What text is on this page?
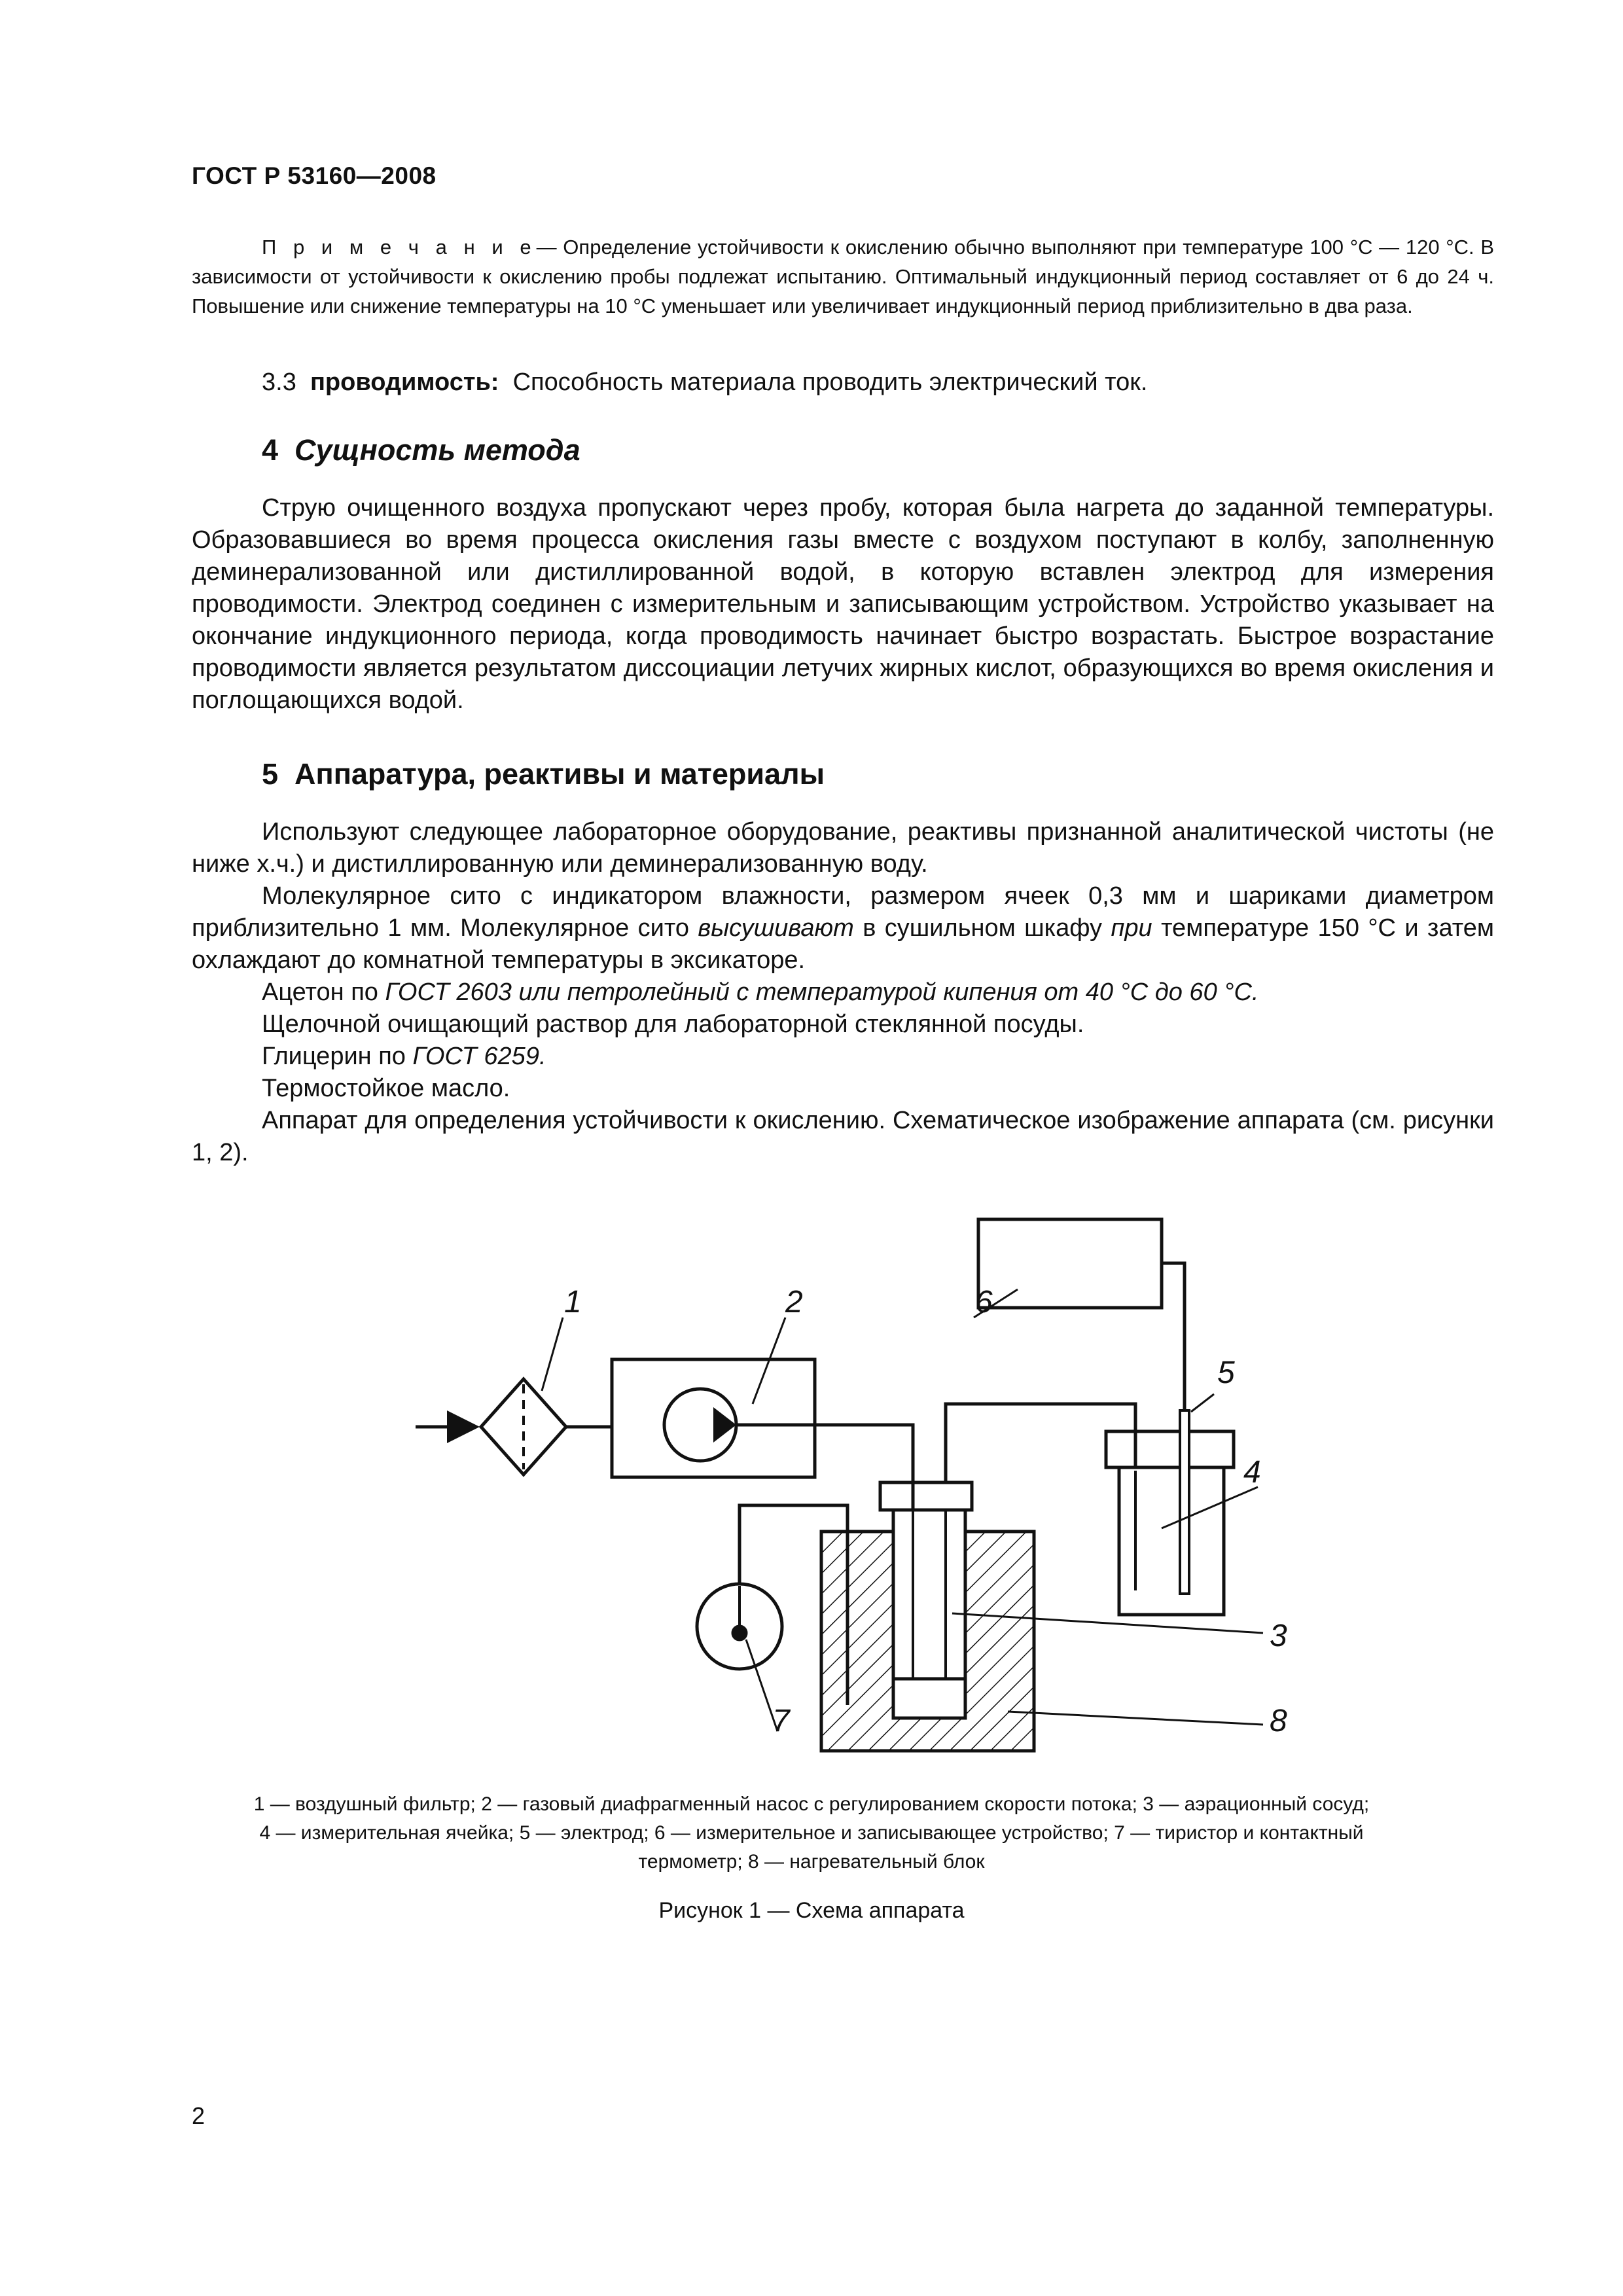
ГОСТ Р 53160—2008

П р и м е ч а н и е— Определение устойчивости к окислению обычно выполняют при температуре 100 °С — 120 °С. В зависимости от устойчивости к окислению пробы подлежат испытанию. Оптимальный индукционный период составляет от 6 до 24 ч. Повышение или снижение температуры на 10 °С уменьшает или увеличивает индукционный период приблизительно в два раза.

3.3 проводимость: Способность материала проводить электрический ток.

4 Сущность метода

Струю очищенного воздуха пропускают через пробу, которая была нагрета до заданной температуры. Образовавшиеся во время процесса окисления газы вместе с воздухом поступают в колбу, заполненную деминерализованной или дистиллированной водой, в которую вставлен электрод для измерения проводимости. Электрод соединен с измерительным и записывающим устройством. Устройство указывает на окончание индукционного периода, когда проводимость начинает быстро возрастать. Быстрое возрастание проводимости является результатом диссоциации летучих жирных кислот, образующихся во время окисления и поглощающихся водой.

5 Аппаратура, реактивы и материалы

Используют следующее лабораторное оборудование, реактивы признанной аналитической чистоты (не ниже х.ч.) и дистиллированную или деминерализованную воду.

Молекулярное сито с индикатором влажности, размером ячеек 0,3 мм и шариками диаметром приблизительно 1 мм. Молекулярное сито высушивают в сушильном шкафу при температуре 150 °С и затем охлаждают до комнатной температуры в эксикаторе.

Ацетон по ГОСТ 2603 или петролейный с температурой кипения от 40 °С до 60 °С.

Щелочной очищающий раствор для лабораторной стеклянной посуды.

Глицерин по ГОСТ 6259.

Термостойкое масло.

Аппарат для определения устойчивости к окислению. Схематическое изображение аппарата (см. рисунки 1, 2).

1	2	6
5
4
3
8
7
1 — воздушный фильтр; 2 — газовый диафрагменный насос с регулированием скорости потока; 3 — аэрационный сосуд;
4 — измерительная ячейка; 5 — электрод; 6 — измерительное и записывающее устройство; 7 — тиристор и контактный
термометр; 8 — нагревательный блок
Рисунок 1 — Схема аппарата
2
